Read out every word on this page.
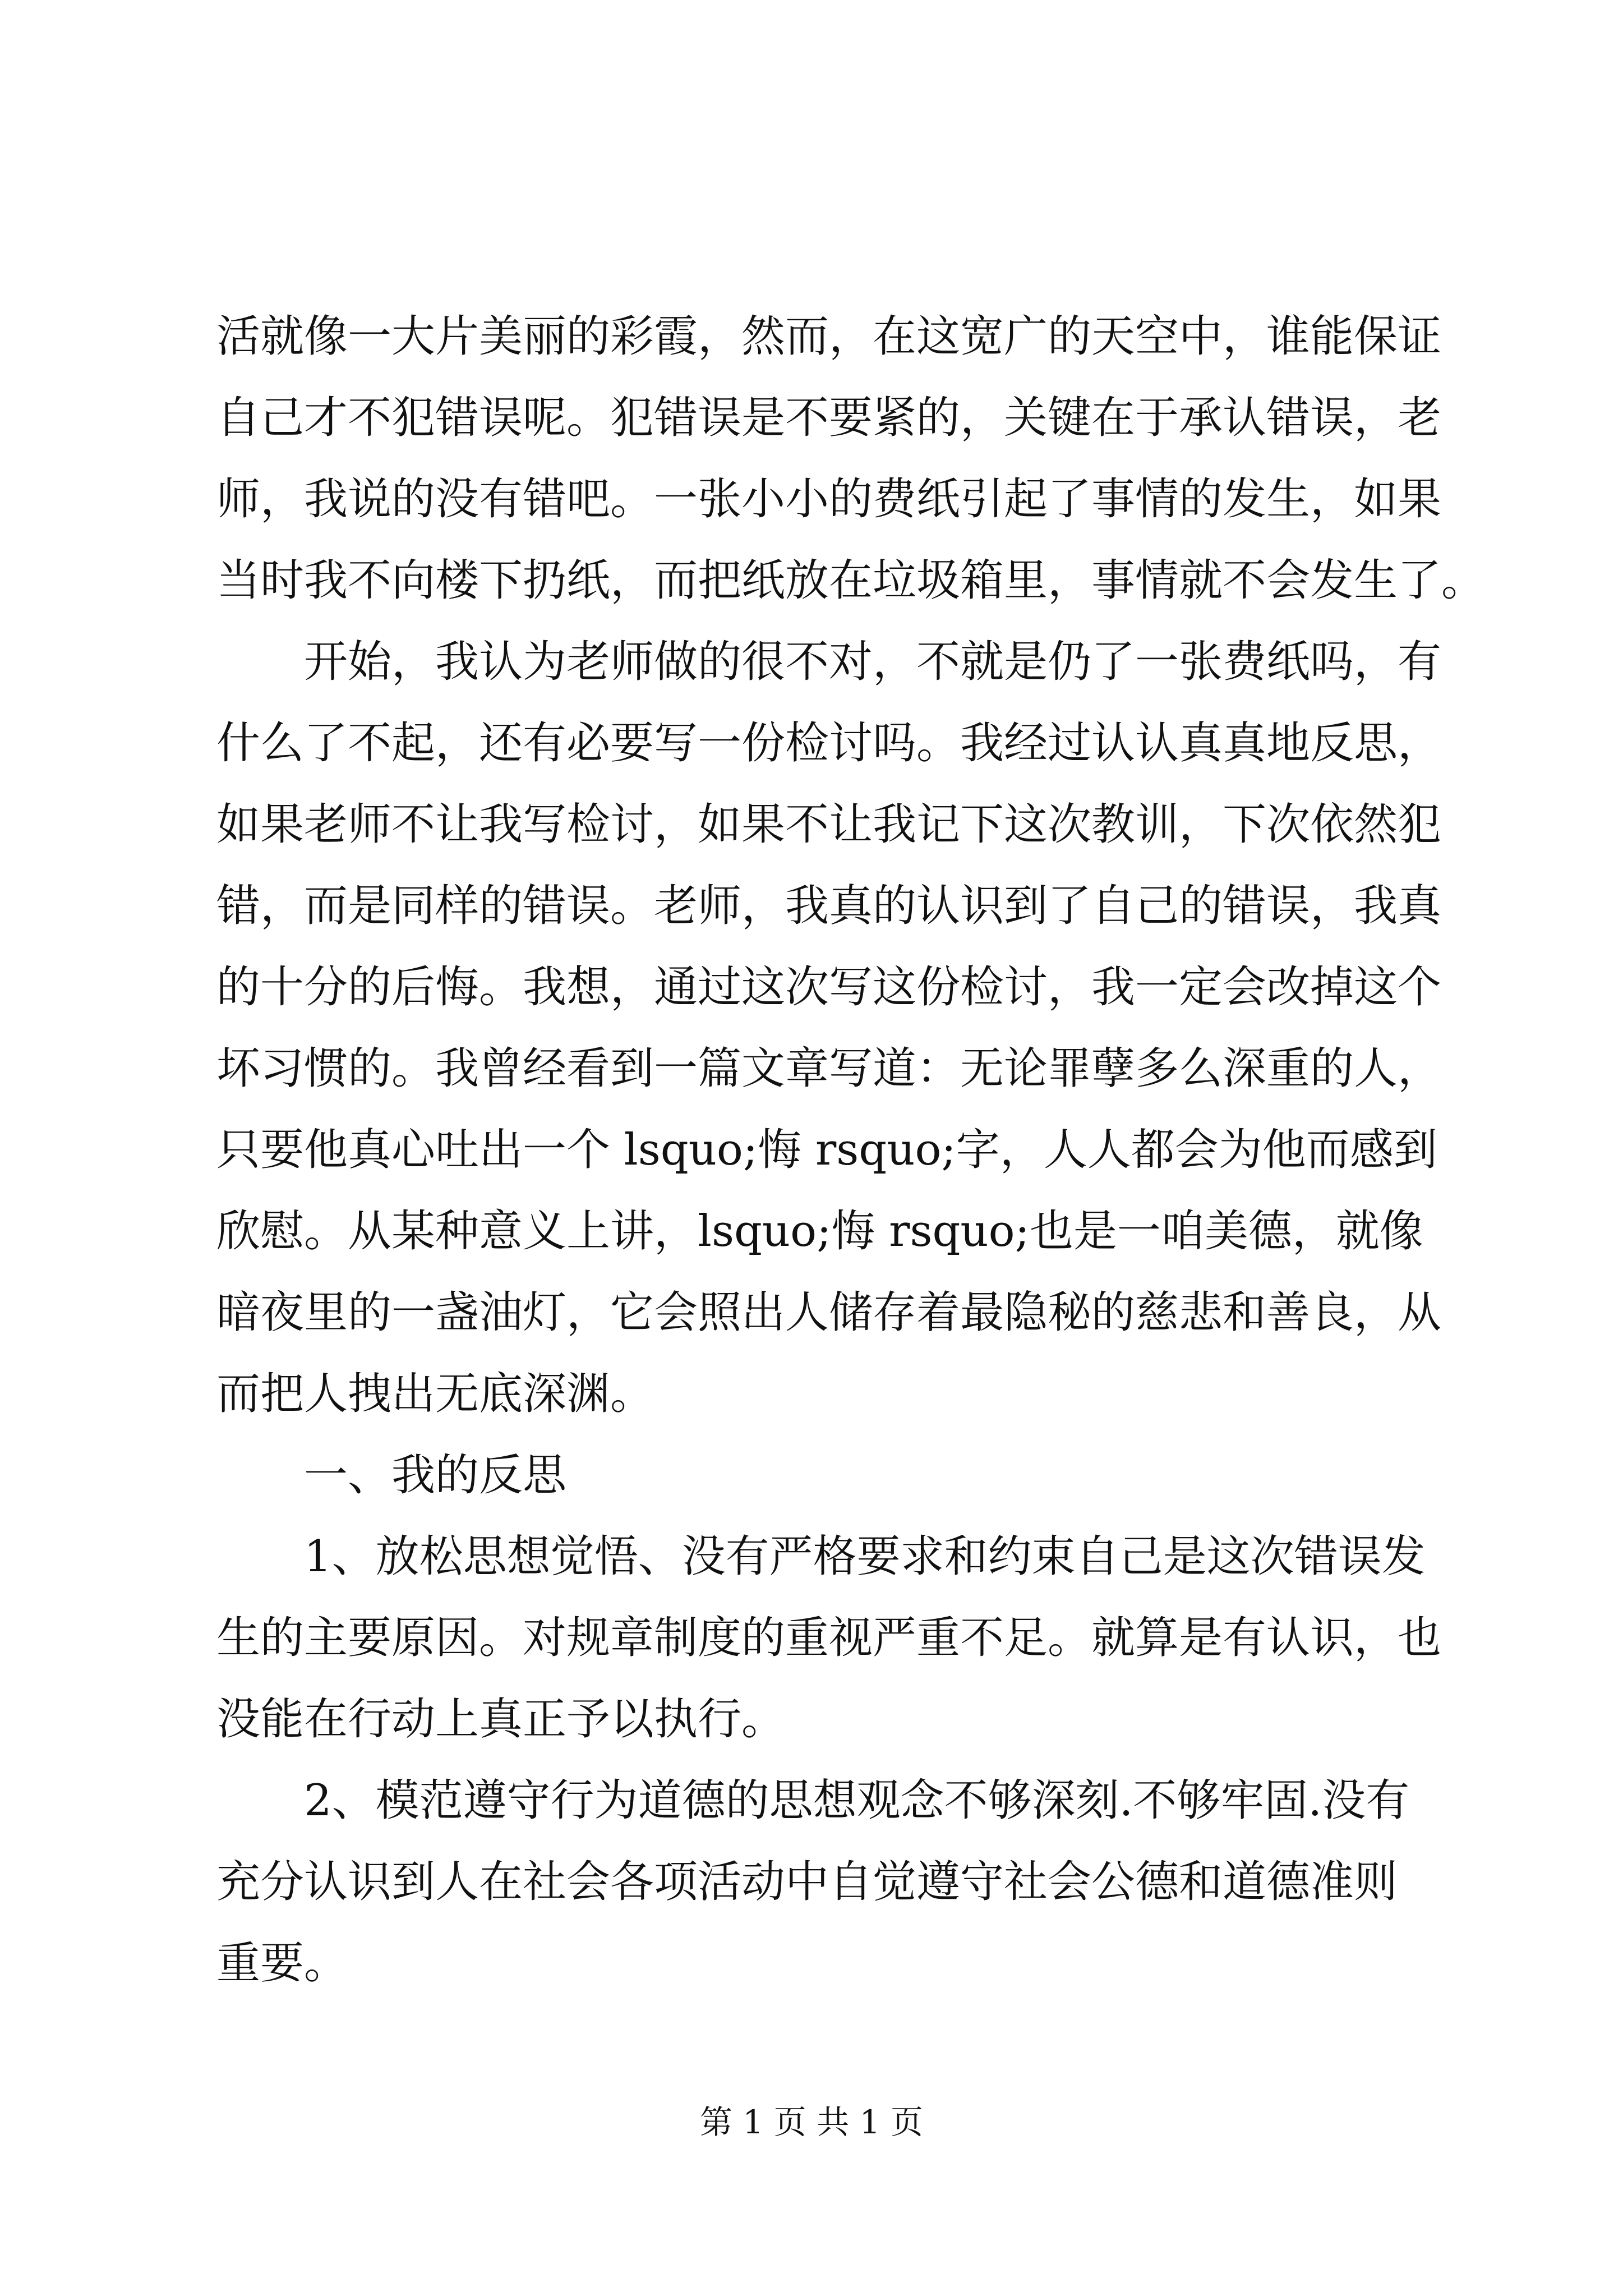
活就像一大片美丽的彩霞，然而，在这宽广的天空中，谁能保证
自己才不犯错误呢。犯错误是不要紧的，关键在于承认错误，老
师，我说的没有错吧。一张小小的费纸引起了事情的发生，如果
当时我不向楼下扔纸，而把纸放在垃圾箱里，事情就不会发生了。
开始，我认为老师做的很不对，不就是仍了一张费纸吗，有
什么了不起，还有必要写一份检讨吗。我经过认认真真地反思，
如果老师不让我写检讨，如果不让我记下这次教训，下次依然犯
错，而是同样的错误。老师，我真的认识到了自己的错误，我真
的十分的后悔。我想，通过这次写这份检讨，我一定会改掉这个
坏习惯的。我曾经看到一篇文章写道：无论罪孽多么深重的人，
只要他真心吐出一个 lsquo;悔 rsquo;字，人人都会为他而感到
欣慰。从某种意义上讲，lsquo;悔 rsquo;也是一咱美德，就像
暗夜里的一盏油灯，它会照出人储存着最隐秘的慈悲和善良，从
而把人拽出无底深渊。
一、我的反思
1、放松思想觉悟、没有严格要求和约束自己是这次错误发
生的主要原因。对规章制度的重视严重不足。就算是有认识，也
没能在行动上真正予以执行。
2、模范遵守行为道德的思想观念不够深刻.不够牢固.没有
充分认识到人在社会各项活动中自觉遵守社会公德和道德准则
重要。
第 1 页 共 1 页
